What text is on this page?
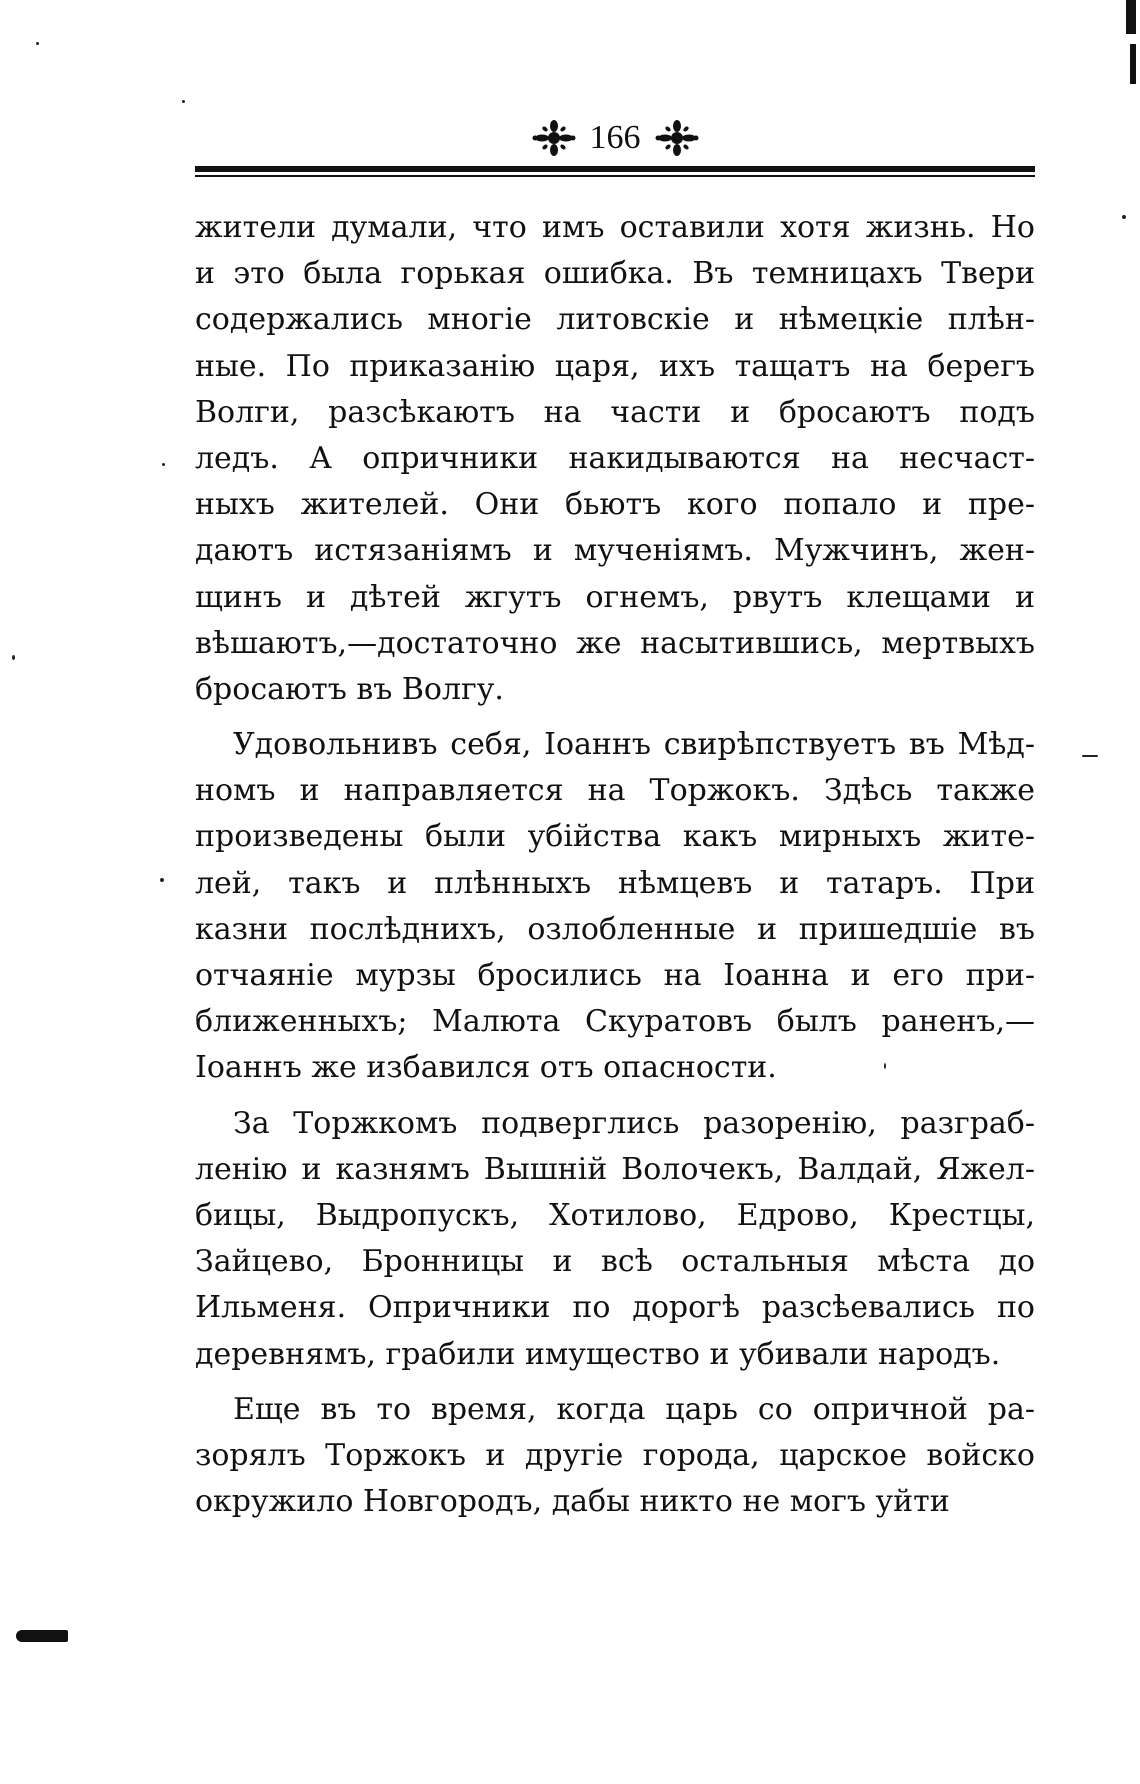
166
жители думали, что имъ оставили хотя жизнь. Но
и это была горькая ошибка. Въ темницахъ Твери
содержались многіе литовскіе и нѣмецкіе плѣн-
ные. По приказанію царя, ихъ тащатъ на берегъ
Волги, разсѣкаютъ на части и бросаютъ подъ
ледъ. А опричники накидываются на несчаст-
ныхъ жителей. Они бьютъ кого попало и пре-
даютъ истязаніямъ и мученіямъ. Мужчинъ, жен-
щинъ и дѣтей жгутъ огнемъ, рвутъ клещами и
вѣшаютъ,—достаточно же насытившись, мертвыхъ
бросаютъ въ Волгу.
Удовольнивъ себя, Іоаннъ свирѣпствуетъ въ Мѣд-
номъ и направляется на Торжокъ. Здѣсь также
произведены были убійства какъ мирныхъ жите-
лей, такъ и плѣнныхъ нѣмцевъ и татаръ. При
казни послѣднихъ, озлобленные и пришедшіе въ
отчаяніе мурзы бросились на Іоанна и его при-
ближенныхъ; Малюта Скуратовъ былъ раненъ,—
Іоаннъ же избавился отъ опасности.
За Торжкомъ подверглись разоренію, разграб-
ленію и казнямъ Вышній Волочекъ, Валдай, Яжел-
бицы, Выдропускъ, Хотилово, Едрово, Крестцы,
Зайцево, Бронницы и всѣ остальныя мѣста до
Ильменя. Опричники по дорогѣ разсѣевались по
деревнямъ, грабили имущество и убивали народъ.
Еще въ то время, когда царь со опричной ра-
зорялъ Торжокъ и другіе города, царское войско
окружило Новгородъ, дабы никто не могъ уйти
